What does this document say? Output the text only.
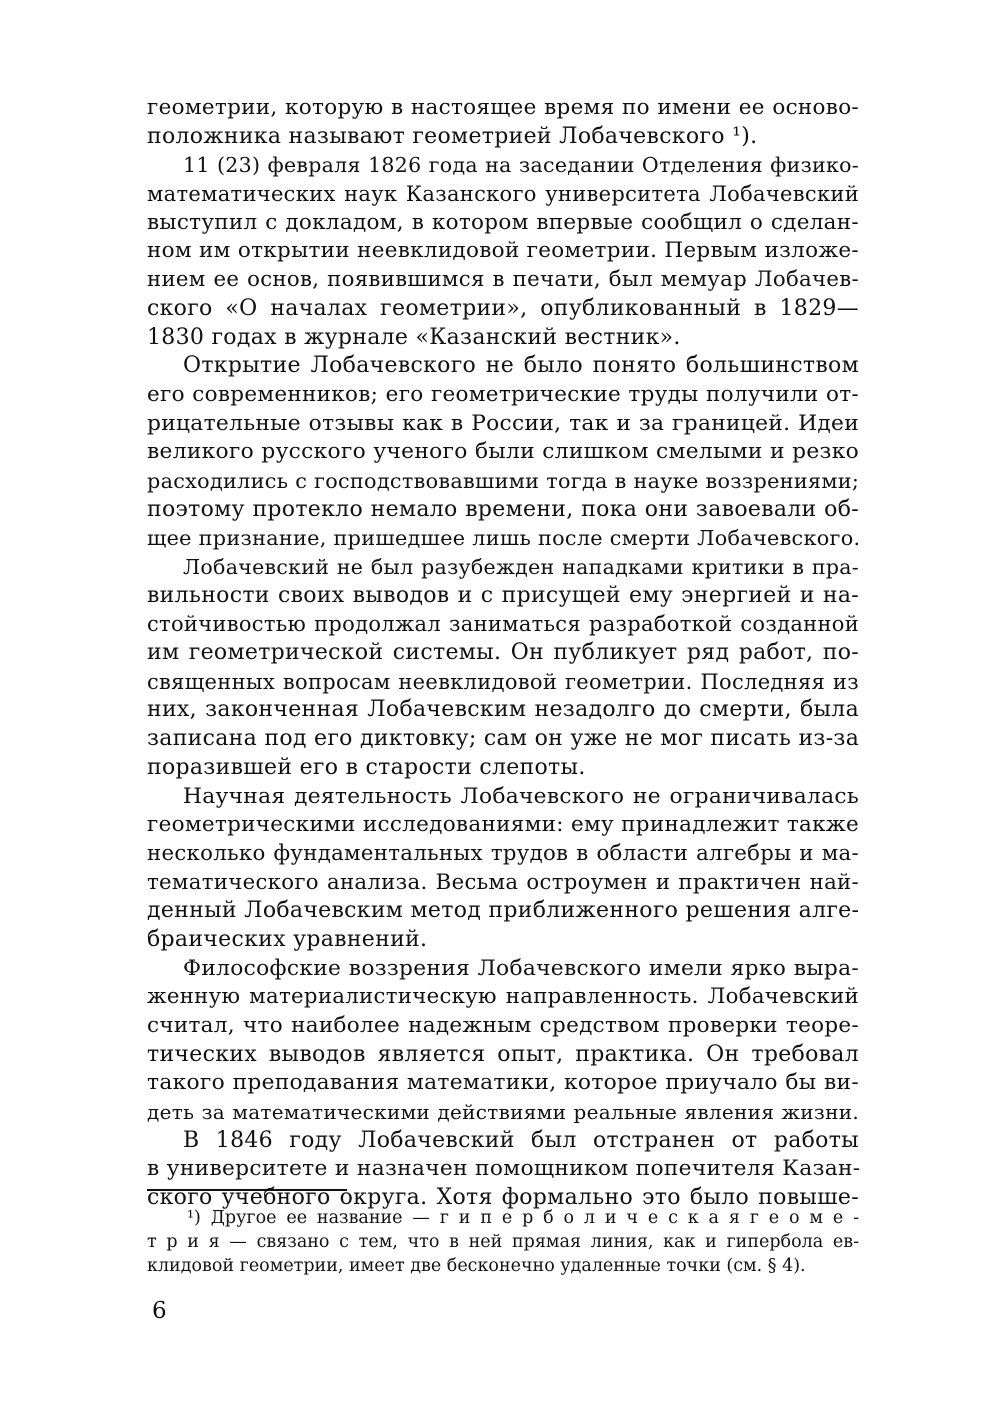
геометрии, которую в настоящее время по имени ее осново-
положника называют геометрией Лобачевского ¹).
11 (23) февраля 1826 года на заседании Отделения физико-
математических наук Казанского университета Лобачевский
выступил с докладом, в котором впервые сообщил о сделан-
ном им открытии неевклидовой геометрии. Первым изложе-
нием ее основ, появившимся в печати, был мемуар Лобачев-
ского «О началах геометрии», опубликованный в 1829—
1830 годах в журнале «Казанский вестник».
Открытие Лобачевского не было понято большинством
его современников; его геометрические труды получили от-
рицательные отзывы как в России, так и за границей. Идеи
великого русского ученого были слишком смелыми и резко
расходились с господствовавшими тогда в науке воззрениями;
поэтому протекло немало времени, пока они завоевали об-
щее признание, пришедшее лишь после смерти Лобачевского.
Лобачевский не был разубежден нападками критики в пра-
вильности своих выводов и с присущей ему энергией и на-
стойчивостью продолжал заниматься разработкой созданной
им геометрической системы. Он публикует ряд работ, по-
священных вопросам неевклидовой геометрии. Последняя из
них, законченная Лобачевским незадолго до смерти, была
записана под его диктовку; сам он уже не мог писать из-за
поразившей его в старости слепоты.
Научная деятельность Лобачевского не ограничивалась
геометрическими исследованиями: ему принадлежит также
несколько фундаментальных трудов в области алгебры и ма-
тематического анализа. Весьма остроумен и практичен най-
денный Лобачевским метод приближенного решения алге-
браических уравнений.
Философские воззрения Лобачевского имели ярко выра-
женную материалистическую направленность. Лобачевский
считал, что наиболее надежным средством проверки теоре-
тических выводов является опыт, практика. Он требовал
такого преподавания математики, которое приучало бы ви-
деть за математическими действиями реальные явления жизни.
В 1846 году Лобачевский был отстранен от работы
в университете и назначен помощником попечителя Казан-
ского учебного округа. Хотя формально это было повыше-
¹) Другое ее название — г и п е р б о л и ч е с к а я г е о м е -
т р и я — связано с тем, что в ней прямая линия, как и гипербола ев-
клидовой геометрии, имеет две бесконечно удаленные точки (см. § 4).
6
